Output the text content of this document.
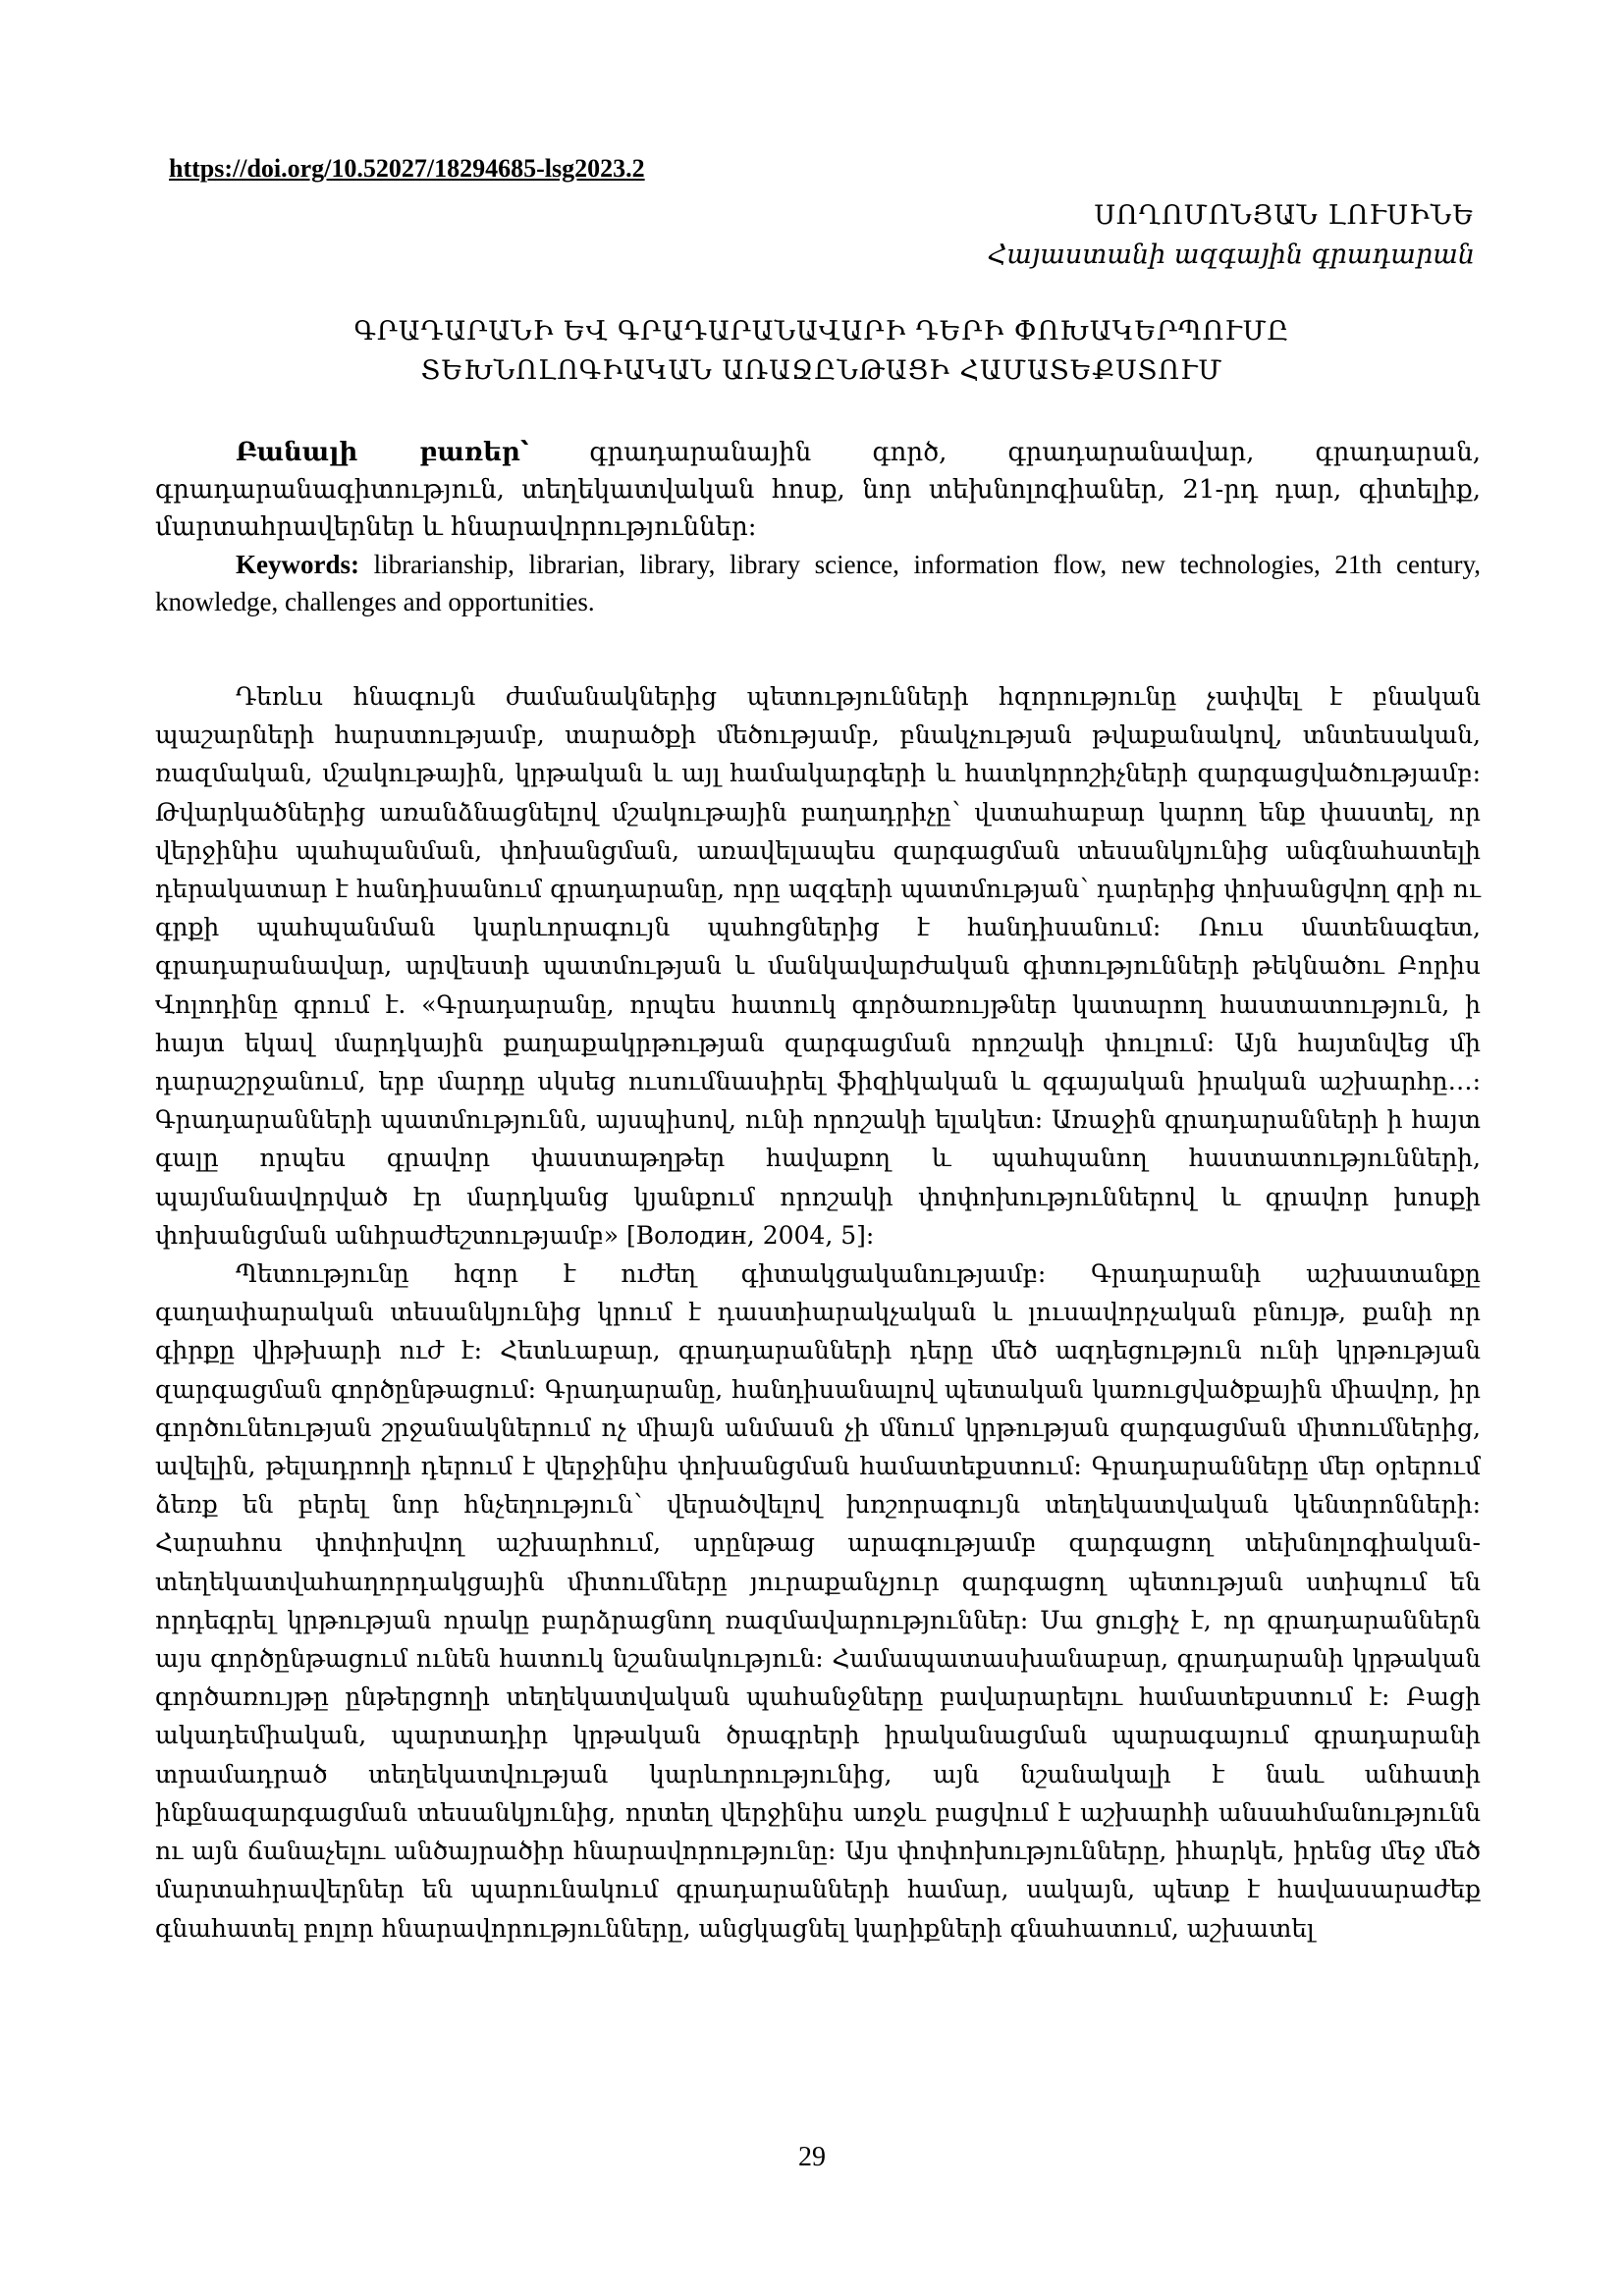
https://doi.org/10.52027/18294685-lsg2023.2
ՍՈՂՈՄՈՆՅԱՆ ԼՈՒՍԻՆԵ
Հայաստանի ազգային գրադարան
ԳՐԱԴԱՐԱՆԻ ԵՎ ԳՐԱԴԱՐԱՆԱՎԱՐԻ ԴԵՐԻ ՓՈԽԱԿԵՐՊՈՒՄԸ
ՏԵԽՆՈԼՈԳԻԱԿԱՆ ԱՌԱՋԸՆԹԱՑԻ ՀԱՄԱՏԵՔՍՏՈՒՄ

Բանալի բառեր՝ գրադարանային գործ, գրադարանավար, գրադարան, գրադարանագիտություն, տեղեկատվական հոսք, նոր տեխնոլոգիաներ, 21-րդ դար, գիտելիք, մարտահրավերներ և հնարավորություններ:

Keywords: librarianship, librarian, library, library science, information flow, new technologies, 21th century, knowledge, challenges and opportunities.

Դեռևս հնագույն ժամանակներից պետությունների հզորությունը չափվել է բնական պաշարների հարստությամբ, տարածքի մեծությամբ, բնակչության թվաքանակով, տնտեսական, ռազմական, մշակութային, կրթական և այլ համակարգերի և հատկորոշիչների զարգացվածությամբ: Թվարկածներից առանձնացնելով մշակութային բաղադրիչը՝ վստահաբար կարող ենք փաստել, որ վերջինիս պահպանման, փոխանցման, առավելապես զարգացման տեսանկյունից անգնահատելի դերակատար է հանդիսանում գրադարանը, որը ազգերի պատմության՝ դարերից փոխանցվող գրի ու գրքի պահպանման կարևորագույն պահոցներից է հանդիսանում: Ռուս մատենագետ, գրադարանավար, արվեստի պատմության և մանկավարժական գիտությունների թեկնածու Բորիս Վոլոդինը գրում է. «Գրադարանը, որպես հատուկ գործառույթներ կատարող հաստատություն, ի հայտ եկավ մարդկային քաղաքակրթության զարգացման որոշակի փուլում: Այն հայտնվեց մի դարաշրջանում, երբ մարդը սկսեց ուսումնասիրել ֆիզիկական և զգայական իրական աշխարհը…: Գրադարանների պատմությունն, այսպիսով, ունի որոշակի ելակետ: Առաջին գրադարանների ի հայտ գալը որպես գրավոր փաստաթղթեր հավաքող և պահպանող հաստատությունների, պայմանավորված էր մարդկանց կյանքում որոշակի փոփոխություններով և գրավոր խոսքի փոխանցման անհրաժեշտությամբ» [Володин, 2004, 5]:

Պետությունը հզոր է ուժեղ գիտակցականությամբ: Գրադարանի աշխատանքը գաղափարական տեսանկյունից կրում է դաստիարակչական և լուսավորչական բնույթ, քանի որ գիրքը վիթխարի ուժ է: Հետևաբար, գրադարանների դերը մեծ ազդեցություն ունի կրթության զարգացման գործընթացում: Գրադարանը, հանդիսանալով պետական կառուցվածքային միավոր, իր գործունեության շրջանակներում ոչ միայն անմասն չի մնում կրթության զարգացման միտումներից, ավելին, թելադրողի դերում է վերջինիս փոխանցման համատեքստում: Գրադարանները մեր օրերում ձեռք են բերել նոր հնչեղություն՝ վերածվելով խոշորագույն տեղեկատվական կենտրոնների: Հարահոս փոփոխվող աշխարհում, սրընթաց արագությամբ զարգացող տեխնոլոգիական-տեղեկատվահաղորդակցային միտումները յուրաքանչյուր զարգացող պետության ստիպում են որդեգրել կրթության որակը բարձրացնող ռազմավարություններ: Սա ցուցիչ է, որ գրադարաններն այս գործընթացում ունեն հատուկ նշանակություն: Համապատասխանաբար, գրադարանի կրթական գործառույթը ընթերցողի տեղեկատվական պահանջները բավարարելու համատեքստում է: Բացի ակադեմիական, պարտադիր կրթական ծրագրերի իրականացման պարագայում գրադարանի տրամադրած տեղեկատվության կարևորությունից, այն նշանակալի է նաև անհատի ինքնազարգացման տեսանկյունից, որտեղ վերջինիս առջև բացվում է աշխարհի անսահմանությունն ու այն ճանաչելու անծայրածիր հնարավորությունը: Այս փոփոխությունները, իհարկե, իրենց մեջ մեծ մարտահրավերներ են պարունակում գրադարանների համար, սակայն, պետք է հավասարաժեք գնահատել բոլոր հնարավորությունները, անցկացնել կարիքների գնահատում, աշխատել

29
